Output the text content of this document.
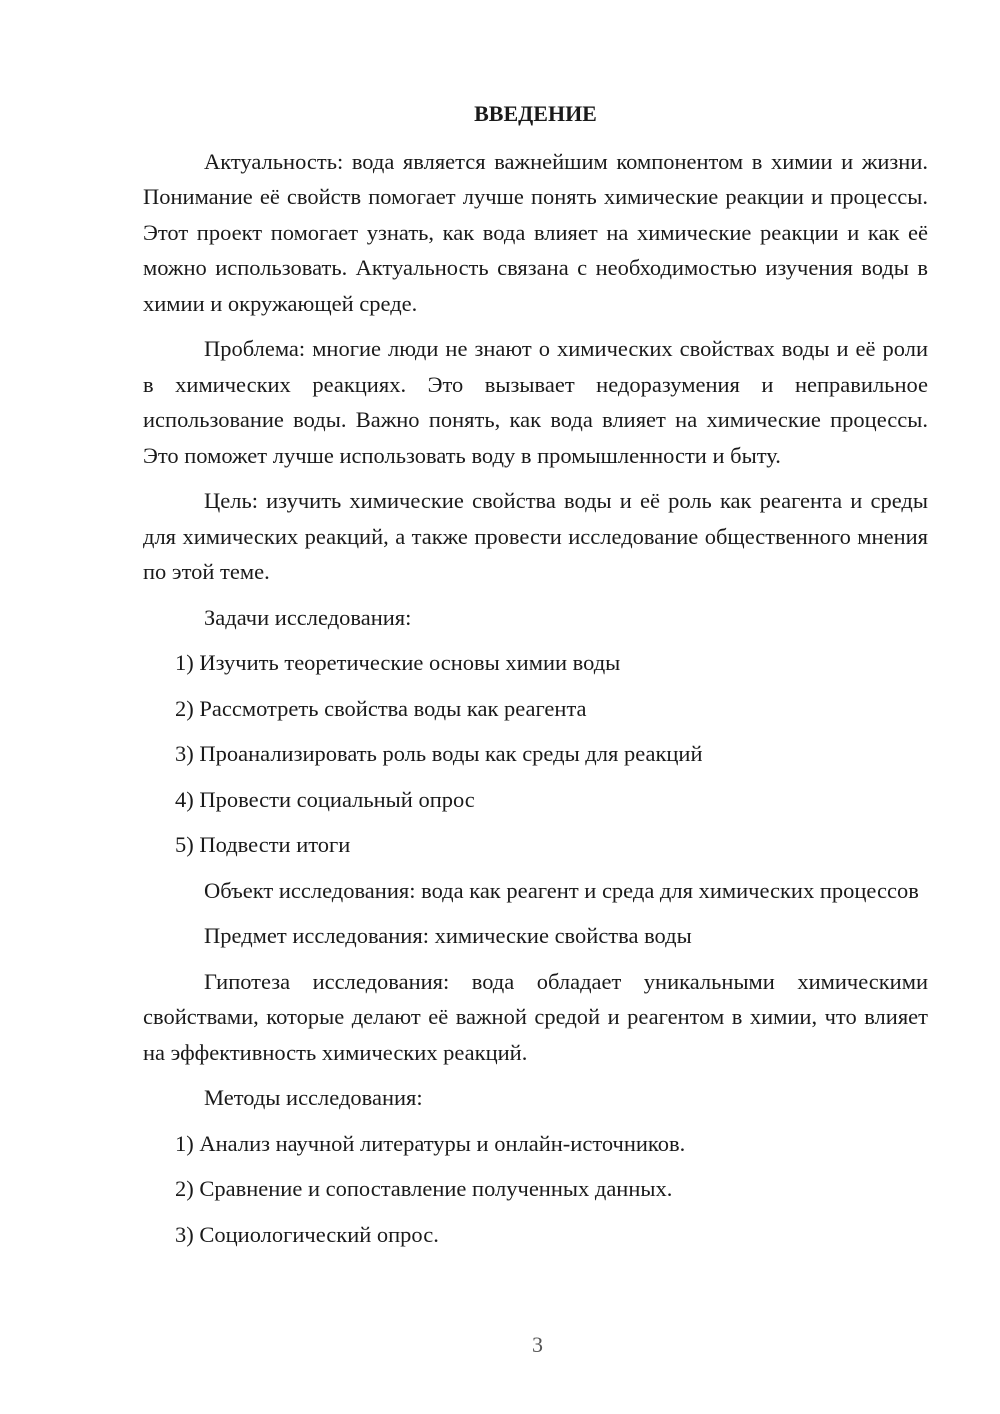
ВВЕДЕНИЕ

Актуальность: вода является важнейшим компонентом в химии и жизни. Понимание её свойств помогает лучше понять химические реакции и процессы. Этот проект помогает узнать, как вода влияет на химические реакции и как её можно использовать. Актуальность связана с необходимостью изучения воды в химии и окружающей среде.

Проблема: многие люди не знают о химических свойствах воды и её роли в химических реакциях. Это вызывает недоразумения и неправильное использование воды. Важно понять, как вода влияет на химические процессы. Это поможет лучше использовать воду в промышленности и быту.

Цель: изучить химические свойства воды и её роль как реагента и среды для химических реакций, а также провести исследование общественного мнения по этой теме.

Задачи исследования:

1) Изучить теоретические основы химии воды
2) Рассмотреть свойства воды как реагента
3) Проанализировать роль воды как среды для реакций
4) Провести социальный опрос
5) Подвести итоги

Объект исследования: вода как реагент и среда для химических процессов

Предмет исследования: химические свойства воды

Гипотеза исследования: вода обладает уникальными химическими свойствами, которые делают её важной средой и реагентом в химии, что влияет на эффективность химических реакций.

Методы исследования:

1) Анализ научной литературы и онлайн-источников.
2) Сравнение и сопоставление полученных данных.
3) Социологический опрос.
3
